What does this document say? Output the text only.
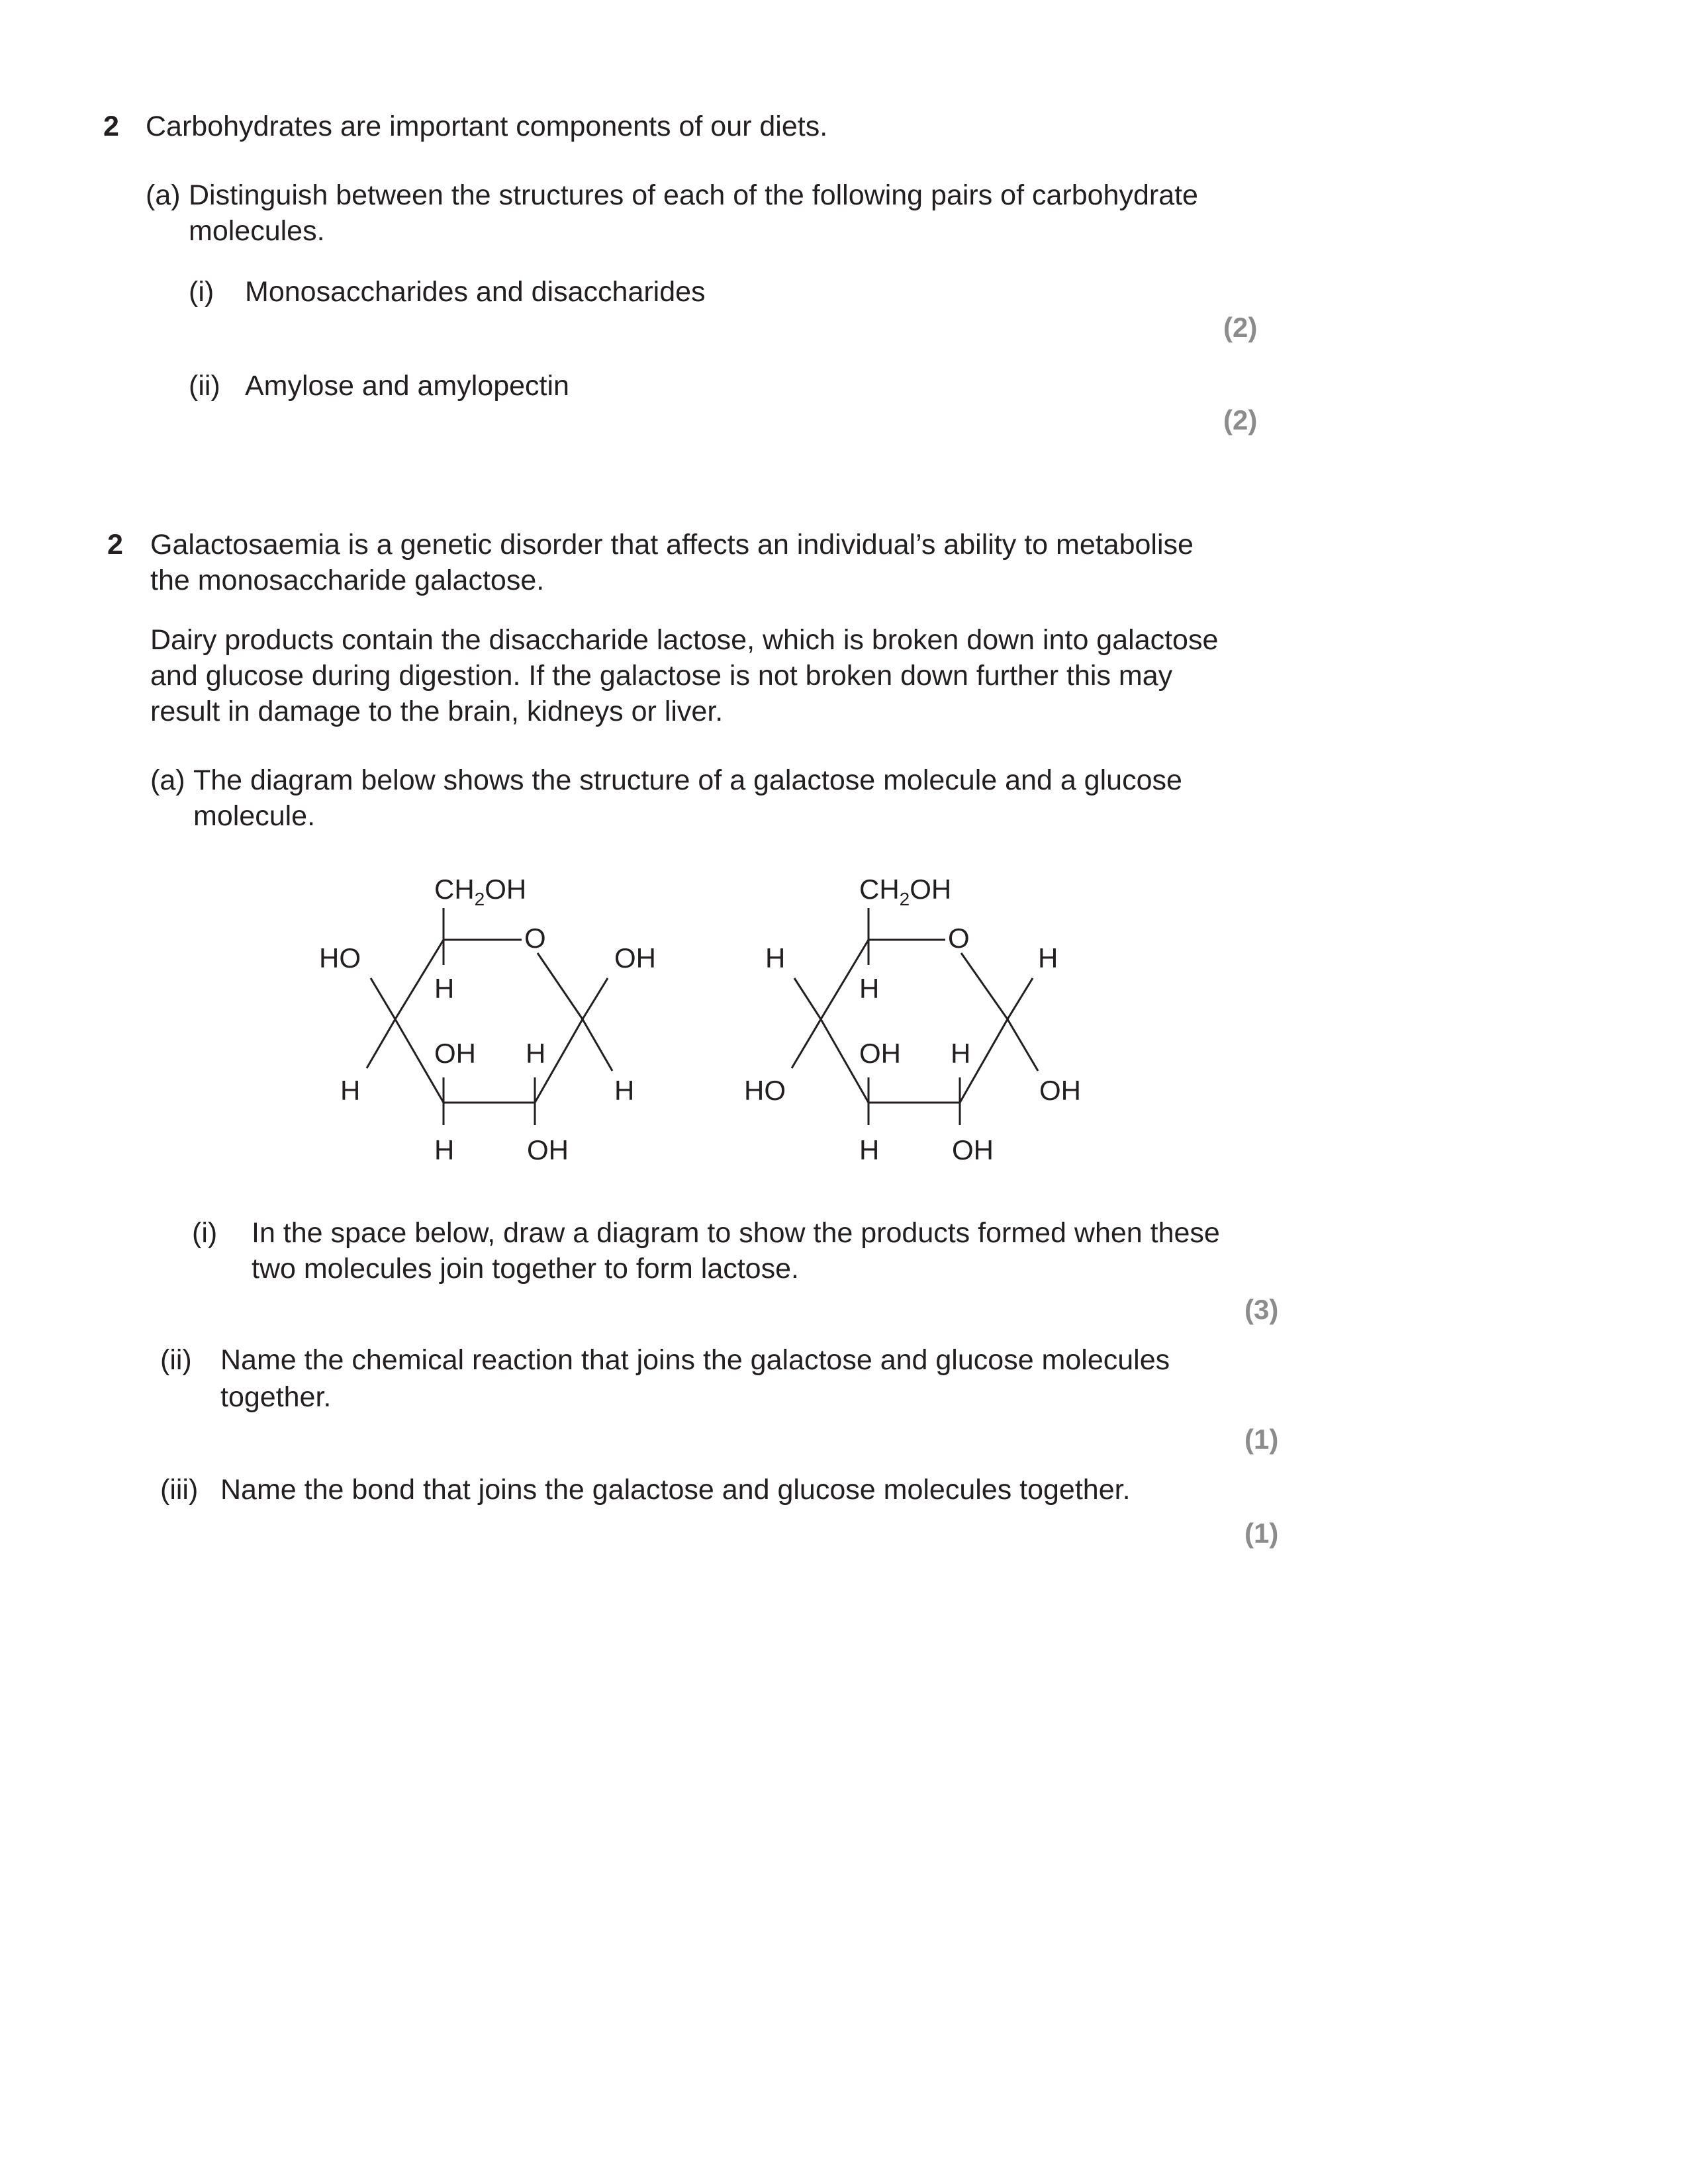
2 Carbohydrates are important components of our diets.
(a) Distinguish between the structures of each of the following pairs of carbohydrate
molecules.
(i) Monosaccharides and disaccharides
(2)
(ii) Amylose and amylopectin
(2)
2 Galactosaemia is a genetic disorder that affects an individual’s ability to metabolise
the monosaccharide galactose.
Dairy products contain the disaccharide lactose, which is broken down into galactose
and glucose during digestion. If the galactose is not broken down further this may
result in damage to the brain, kidneys or liver.
(a) The diagram below shows the structure of a galactose molecule and a glucose
molecule.
$CH_2OH$
O
H
OH
H
HO
H
OH
H
H
OH
$CH_2OH$
O
H
H
OH
H
HO
OH
H
H
OH
(i) In the space below, draw a diagram to show the products formed when these
two molecules join together to form lactose.
(3)
(ii) Name the chemical reaction that joins the galactose and glucose molecules
together.
(1)
(iii) Name the bond that joins the galactose and glucose molecules together.
(1)
